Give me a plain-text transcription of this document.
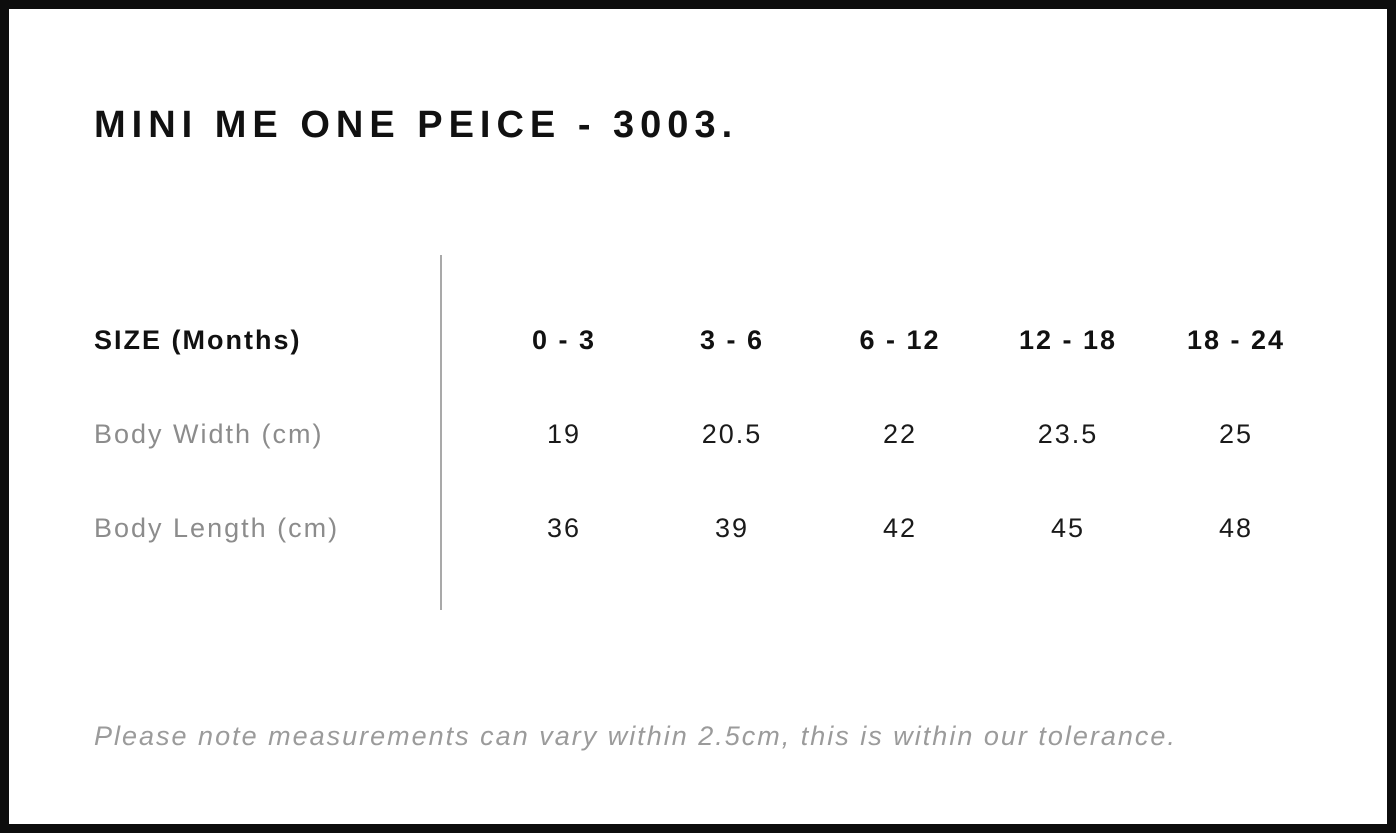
MINI ME ONE PEICE - 3003.
SIZE (Months)	0 - 3	3 - 6	6 - 12	12 - 18	18 - 24
Body Width (cm)	19	20.5	22	23.5	25
Body Length (cm)	36	39	42	45	48

Please note measurements can vary within 2.5cm, this is within our tolerance.
